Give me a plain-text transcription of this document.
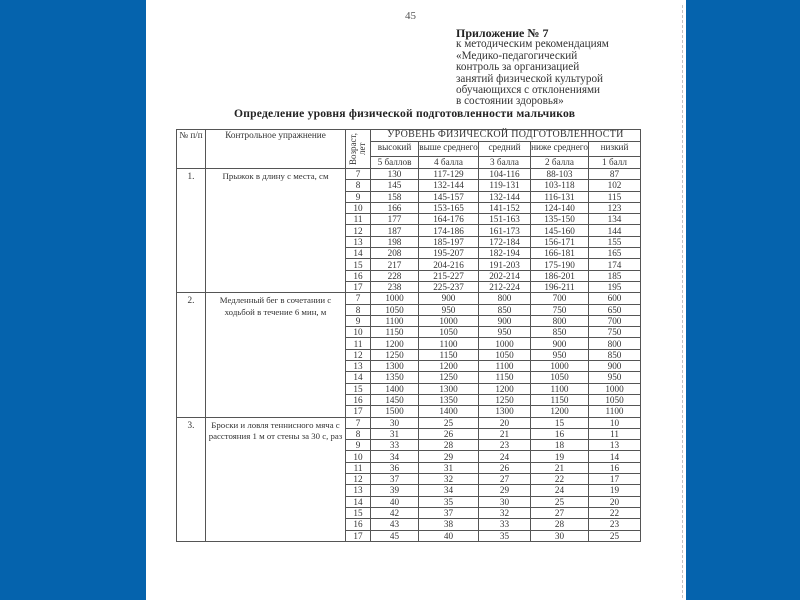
45
Приложение № 7
к методическим рекомендациям
«Медико-педагогический
контроль за организацией
занятий физической культурой
обучающихся с отклонениями
в состоянии здоровья»
Определение уровня физической подготовленности мальчиков
№ п/п	Контрольное упражнение	Возраст, лет	УРОВЕНЬ ФИЗИЧЕСКОЙ ПОДГОТОВЛЕННОСТИ				
			высокий	выше среднего	средний	ниже среднего	низкий
			5 баллов	4 балла	3 балла	2 балла	1 балл
1.	Прыжок в длину с места, см	7	130	117-129	104-116	88-103	87
		8	145	132-144	119-131	103-118	102
		9	158	145-157	132-144	116-131	115
		10	166	153-165	141-152	124-140	123
		11	177	164-176	151-163	135-150	134
		12	187	174-186	161-173	145-160	144
		13	198	185-197	172-184	156-171	155
		14	208	195-207	182-194	166-181	165
		15	217	204-216	191-203	175-190	174
		16	228	215-227	202-214	186-201	185
		17	238	225-237	212-224	196-211	195
2.	Медленный бег в сочетании с ходьбой в течение 6 мин, м	7	1000	900	800	700	600
		8	1050	950	850	750	650
		9	1100	1000	900	800	700
		10	1150	1050	950	850	750
		11	1200	1100	1000	900	800
		12	1250	1150	1050	950	850
		13	1300	1200	1100	1000	900
		14	1350	1250	1150	1050	950
		15	1400	1300	1200	1100	1000
		16	1450	1350	1250	1150	1050
		17	1500	1400	1300	1200	1100
3.	Броски и ловля теннисного мяча с расстояния 1 м от стены за 30 с, раз	7	30	25	20	15	10
		8	31	26	21	16	11
		9	33	28	23	18	13
		10	34	29	24	19	14
		11	36	31	26	21	16
		12	37	32	27	22	17
		13	39	34	29	24	19
		14	40	35	30	25	20
		15	42	37	32	27	22
		16	43	38	33	28	23
		17	45	40	35	30	25
